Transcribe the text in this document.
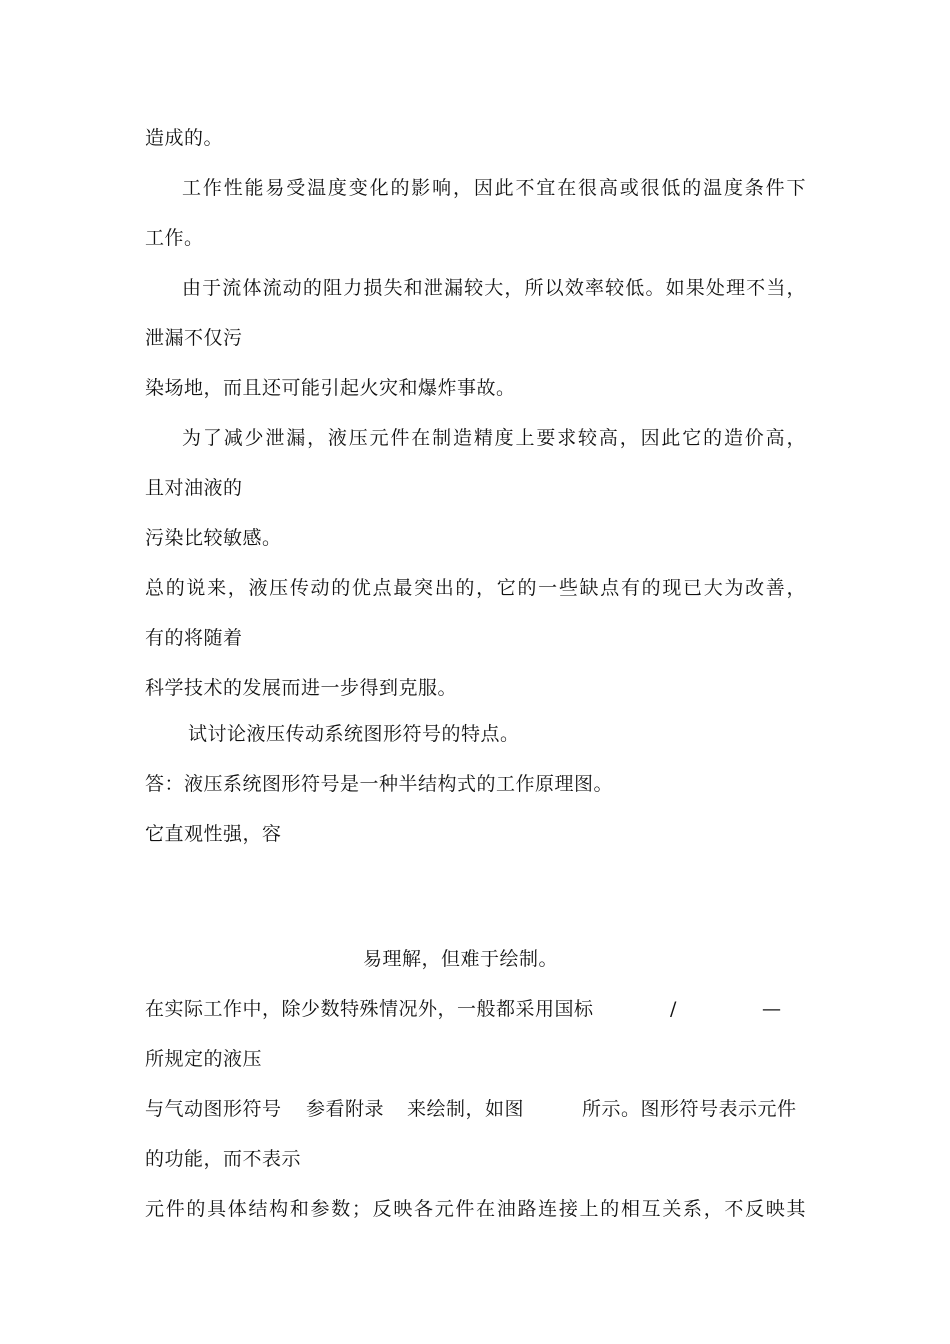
造成的。
工作性能易受温度变化的影响，因此不宜在很高或很低的温度条件下
工作。
由于流体流动的阻力损失和泄漏较大，所以效率较低。如果处理不当，
泄漏不仅污
染场地，而且还可能引起火灾和爆炸事故。
为了减少泄漏，液压元件在制造精度上要求较高，因此它的造价高，
且对油液的
污染比较敏感。
总的说来，液压传动的优点最突出的，它的一些缺点有的现已大为改善，
有的将随着
科学技术的发展而进一步得到克服。
试讨论液压传动系统图形符号的特点。
答：液压系统图形符号是一种半结构式的工作原理图。
它直观性强，容
易理解，但难于绘制。
在实际工作中，除少数特殊情况外，一般都采用国标	/	—
所规定的液压
与气动图形符号 参看附录 来绘制，如图	所示。图形符号表示元件
的功能，而不表示
元件的具体结构和参数；反映各元件在油路连接上的相互关系，不反映其
